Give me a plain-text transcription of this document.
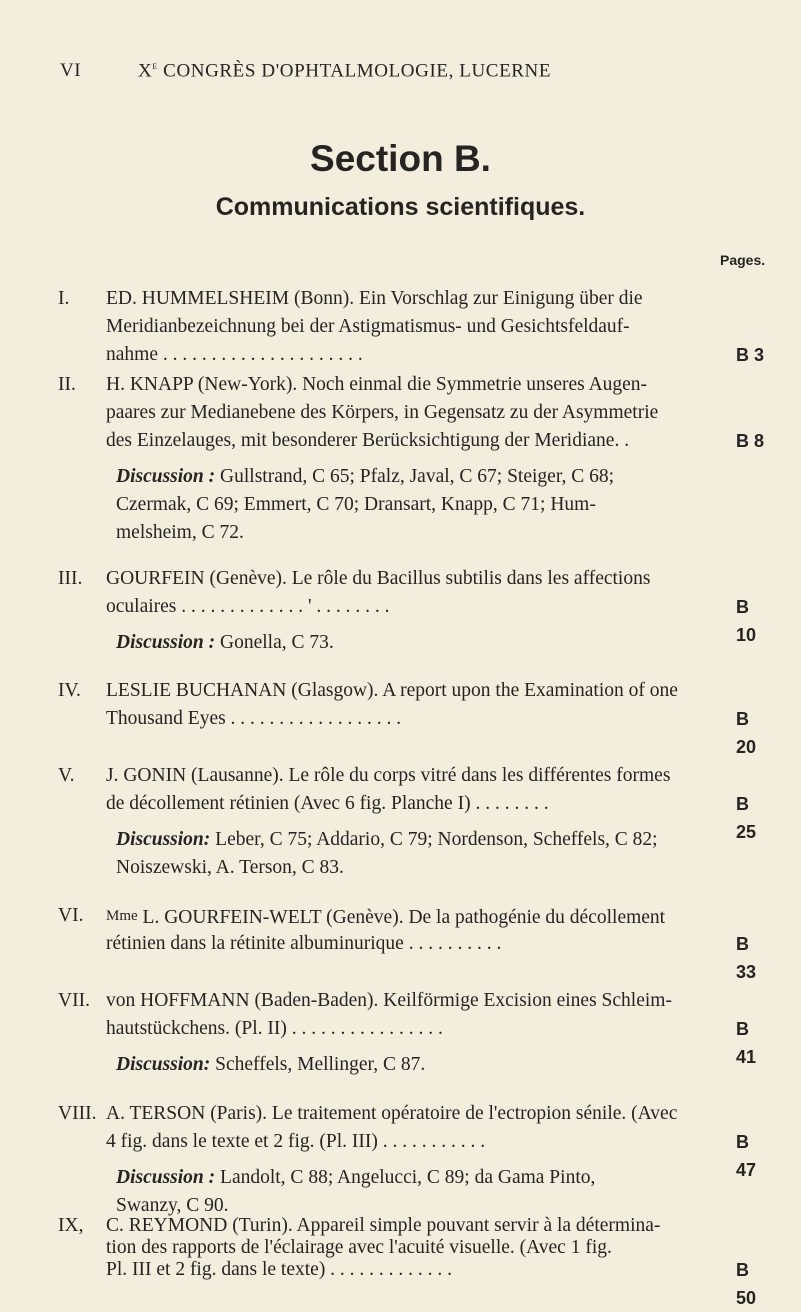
VI	Xe CONGRÈS D'OPHTALMOLOGIE, LUCERNE
Section B.
Communications scientifiques.
Pages.
I. ED. HUMMELSHEIM (Bonn). Ein Vorschlag zur Einigung über die
Meridianbezeichnung bei der Astigmatismus- und Gesichtsfeldauf-
nahme . . . . . . . . . . . . . . . . . . . . .	B 3
II. H. KNAPP (New-York). Noch einmal die Symmetrie unseres Augen-
paares zur Medianebene des Körpers, in Gegensatz zu der Asymmetrie
des Einzelauges, mit besonderer Berücksichtigung der Meridiane. .	B 8
Discussion : Gullstrand, C 65; Pfalz, Javal, C 67; Steiger, C 68;
Czermak, C 69; Emmert, C 70; Dransart, Knapp, C 71; Hum-
melsheim, C 72.
III. GOURFEIN (Genève). Le rôle du Bacillus subtilis dans les affections
oculaires . . . . . . . . . . . . . ' . . . . . . . .	B 10
Discussion : Gonella, C 73.
IV. LESLIE BUCHANAN (Glasgow). A report upon the Examination of one
Thousand Eyes . . . . . . . . . . . . . . . . . .	B 20
V. J. GONIN (Lausanne). Le rôle du corps vitré dans les différentes formes
de décollement rétinien (Avec 6 fig. Planche I) . . . . . . . .	B 25
Discussion: Leber, C 75; Addario, C 79; Nordenson, Scheffels, C 82;
Noiszewski, A. Terson, C 83.
VI. Mme L. GOURFEIN-WELT (Genève). De la pathogénie du décollement
rétinien dans la rétinite albuminurique . . . . . . . . . .	B 33
VII. von HOFFMANN (Baden-Baden). Keilförmige Excision eines Schleim-
hautstückchens. (Pl. II) . . . . . . . . . . . . . . . .	B 41
Discussion: Scheffels, Mellinger, C 87.
VIII. A. TERSON (Paris). Le traitement opératoire de l'ectropion sénile. (Avec
4 fig. dans le texte et 2 fig. (Pl. III) . . . . . . . . . . .	B 47
Discussion : Landolt, C 88; Angelucci, C 89; da Gama Pinto,
Swanzy, C 90.
IX, C. REYMOND (Turin). Appareil simple pouvant servir à la détermina-
tion des rapports de l'éclairage avec l'acuité visuelle. (Avec 1 fig.
Pl. III et 2 fig. dans le texte) . . . . . . . . . . . . .	B 50
